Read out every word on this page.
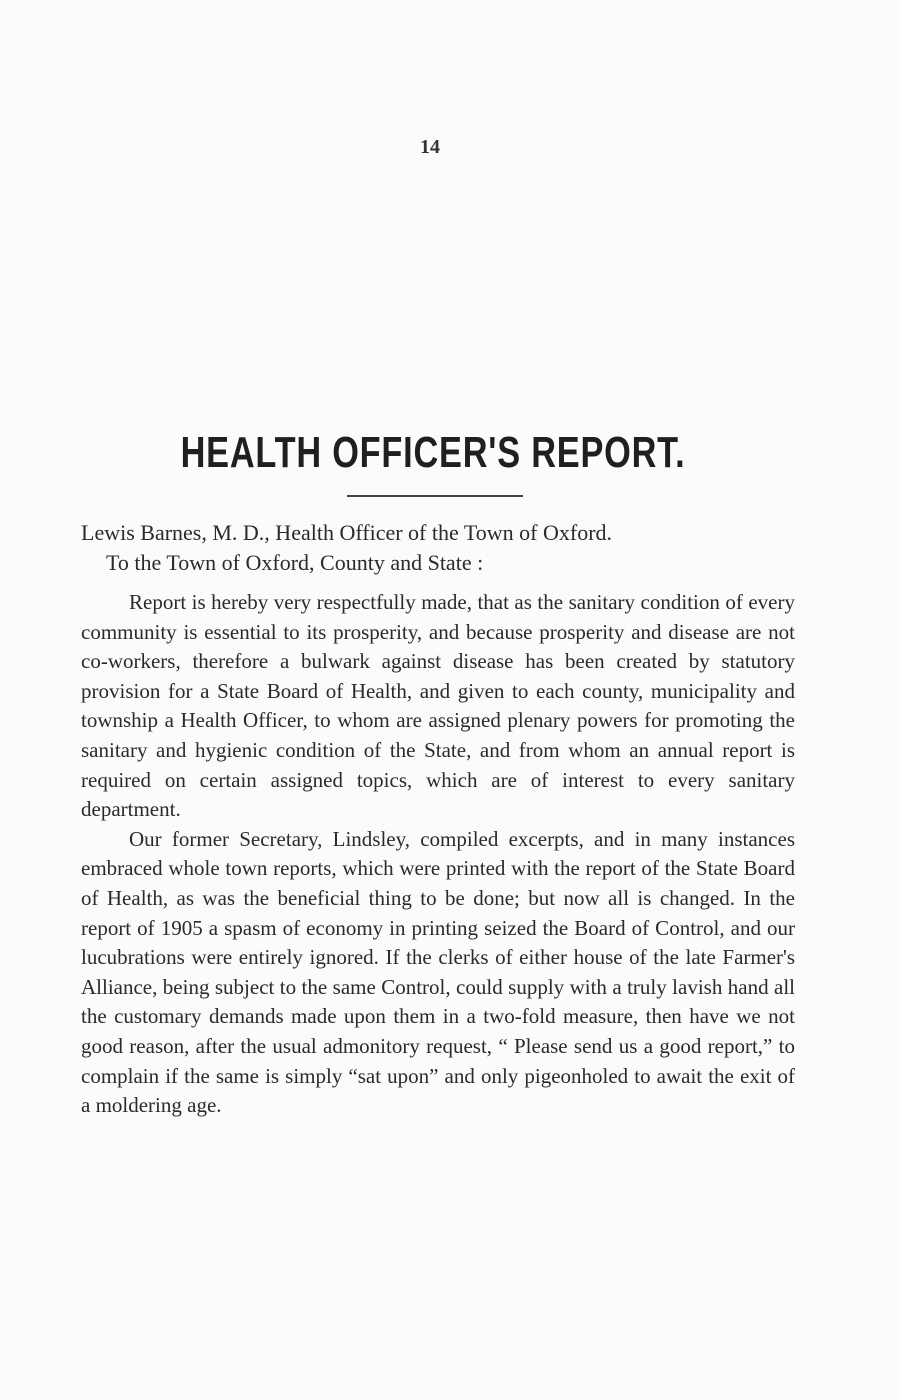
14
HEALTH OFFICER'S REPORT.
Lewis Barnes, M. D., Health Officer of the Town of Oxford.
To the Town of Oxford, County and State :

Report is hereby very respectfully made, that as the sanitary condition of every community is essential to its prosperity, and because prosperity and disease are not co-workers, therefore a bulwark against disease has been created by statutory provision for a State Board of Health, and given to each county, municipality and township a Health Officer, to whom are assigned plenary powers for promoting the sanitary and hygienic condition of the State, and from whom an annual report is required on certain assigned topics, which are of interest to every sanitary department.

Our former Secretary, Lindsley, compiled excerpts, and in many instances embraced whole town reports, which were printed with the report of the State Board of Health, as was the beneficial thing to be done; but now all is changed. In the report of 1905 a spasm of economy in printing seized the Board of Control, and our lucubrations were entirely ignored. If the clerks of either house of the late Farmer's Alliance, being subject to the same Control, could supply with a truly lavish hand all the customary demands made upon them in a two-fold measure, then have we not good reason, after the usual admonitory request, “ Please send us a good report,” to complain if the same is simply “sat upon” and only pigeonholed to await the exit of a moldering age.
